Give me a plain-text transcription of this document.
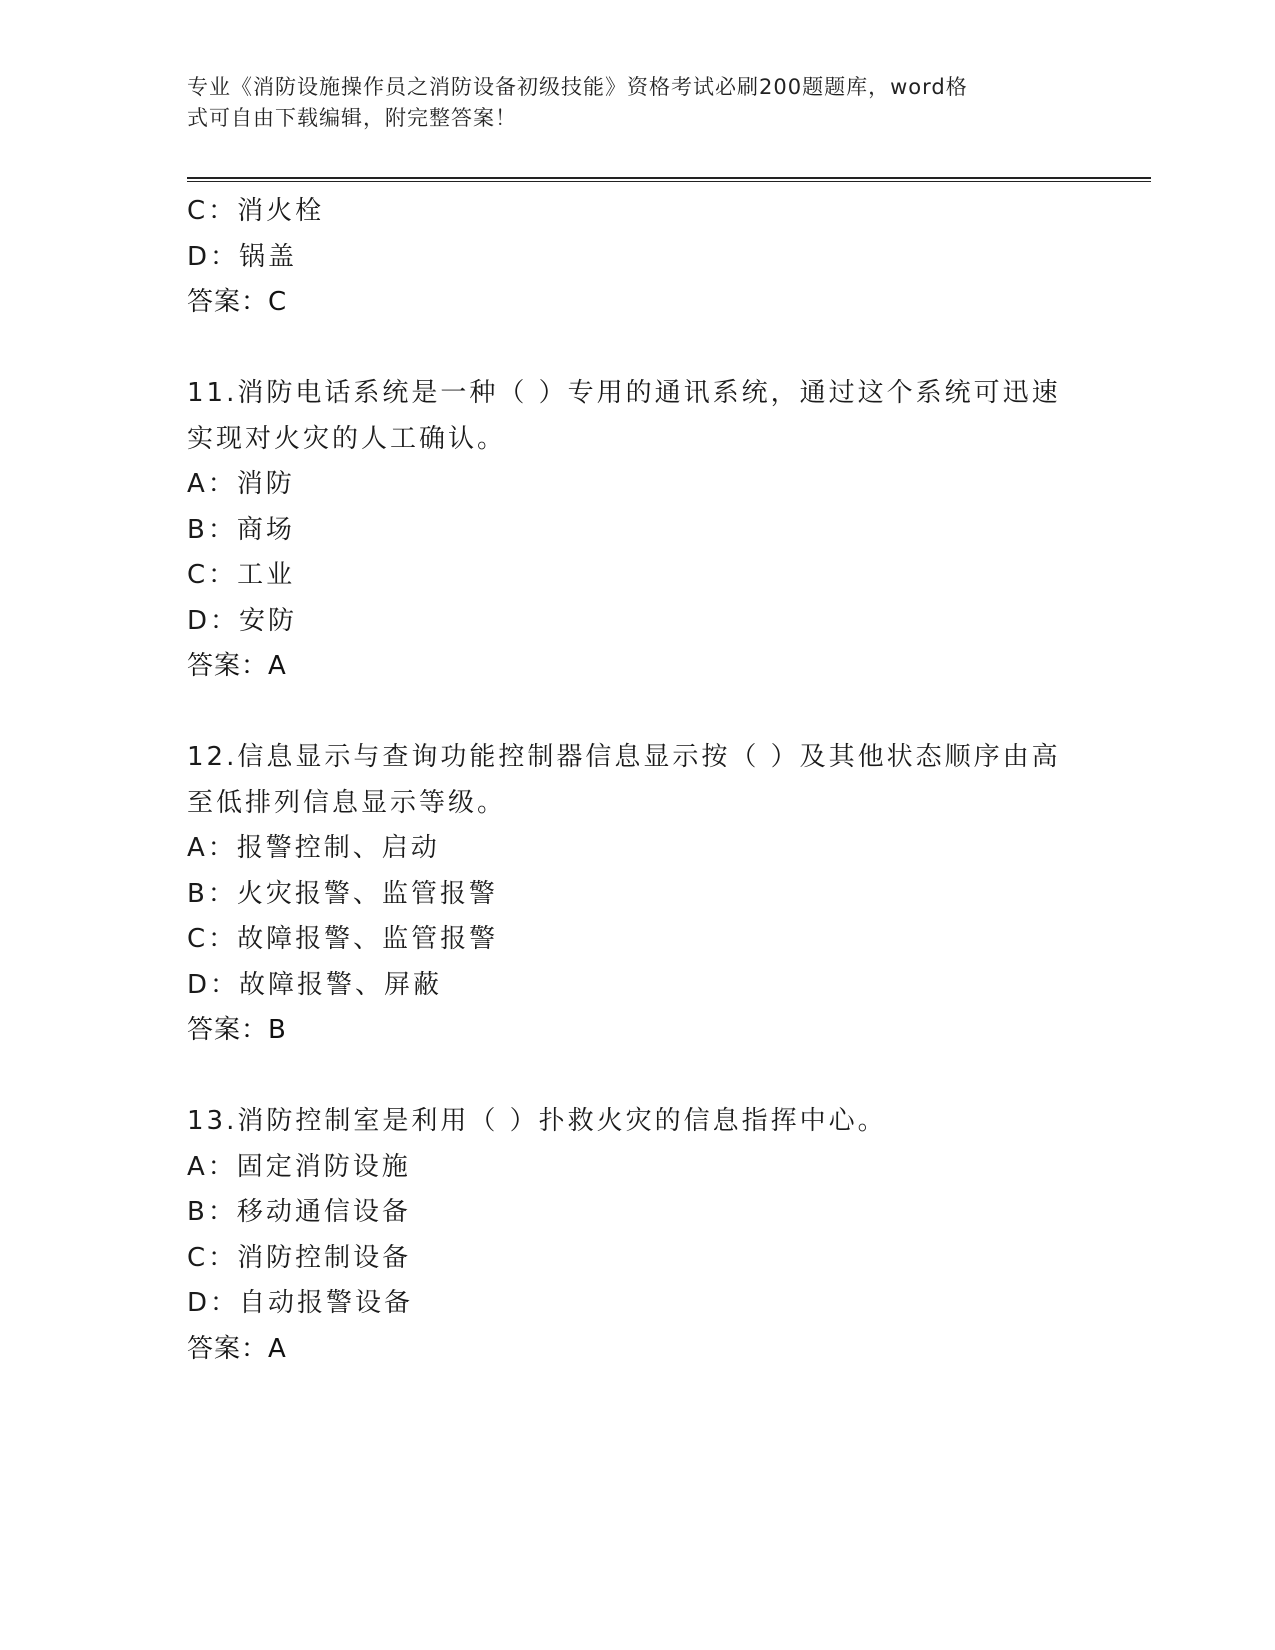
专业《消防设施操作员之消防设备初级技能》资格考试必刷200题题库，word格
式可自由下载编辑，附完整答案！
C：消火栓
D：锅盖
答案：C
11.消防电话系统是一种（ ）专用的通讯系统，通过这个系统可迅速
实现对火灾的人工确认。
A：消防
B：商场
C：工业
D：安防
答案：A
12.信息显示与查询功能控制器信息显示按（ ）及其他状态顺序由高
至低排列信息显示等级。
A：报警控制、启动
B：火灾报警、监管报警
C：故障报警、监管报警
D：故障报警、屏蔽
答案：B
13.消防控制室是利用（ ）扑救火灾的信息指挥中心。
A：固定消防设施
B：移动通信设备
C：消防控制设备
D：自动报警设备
答案：A
